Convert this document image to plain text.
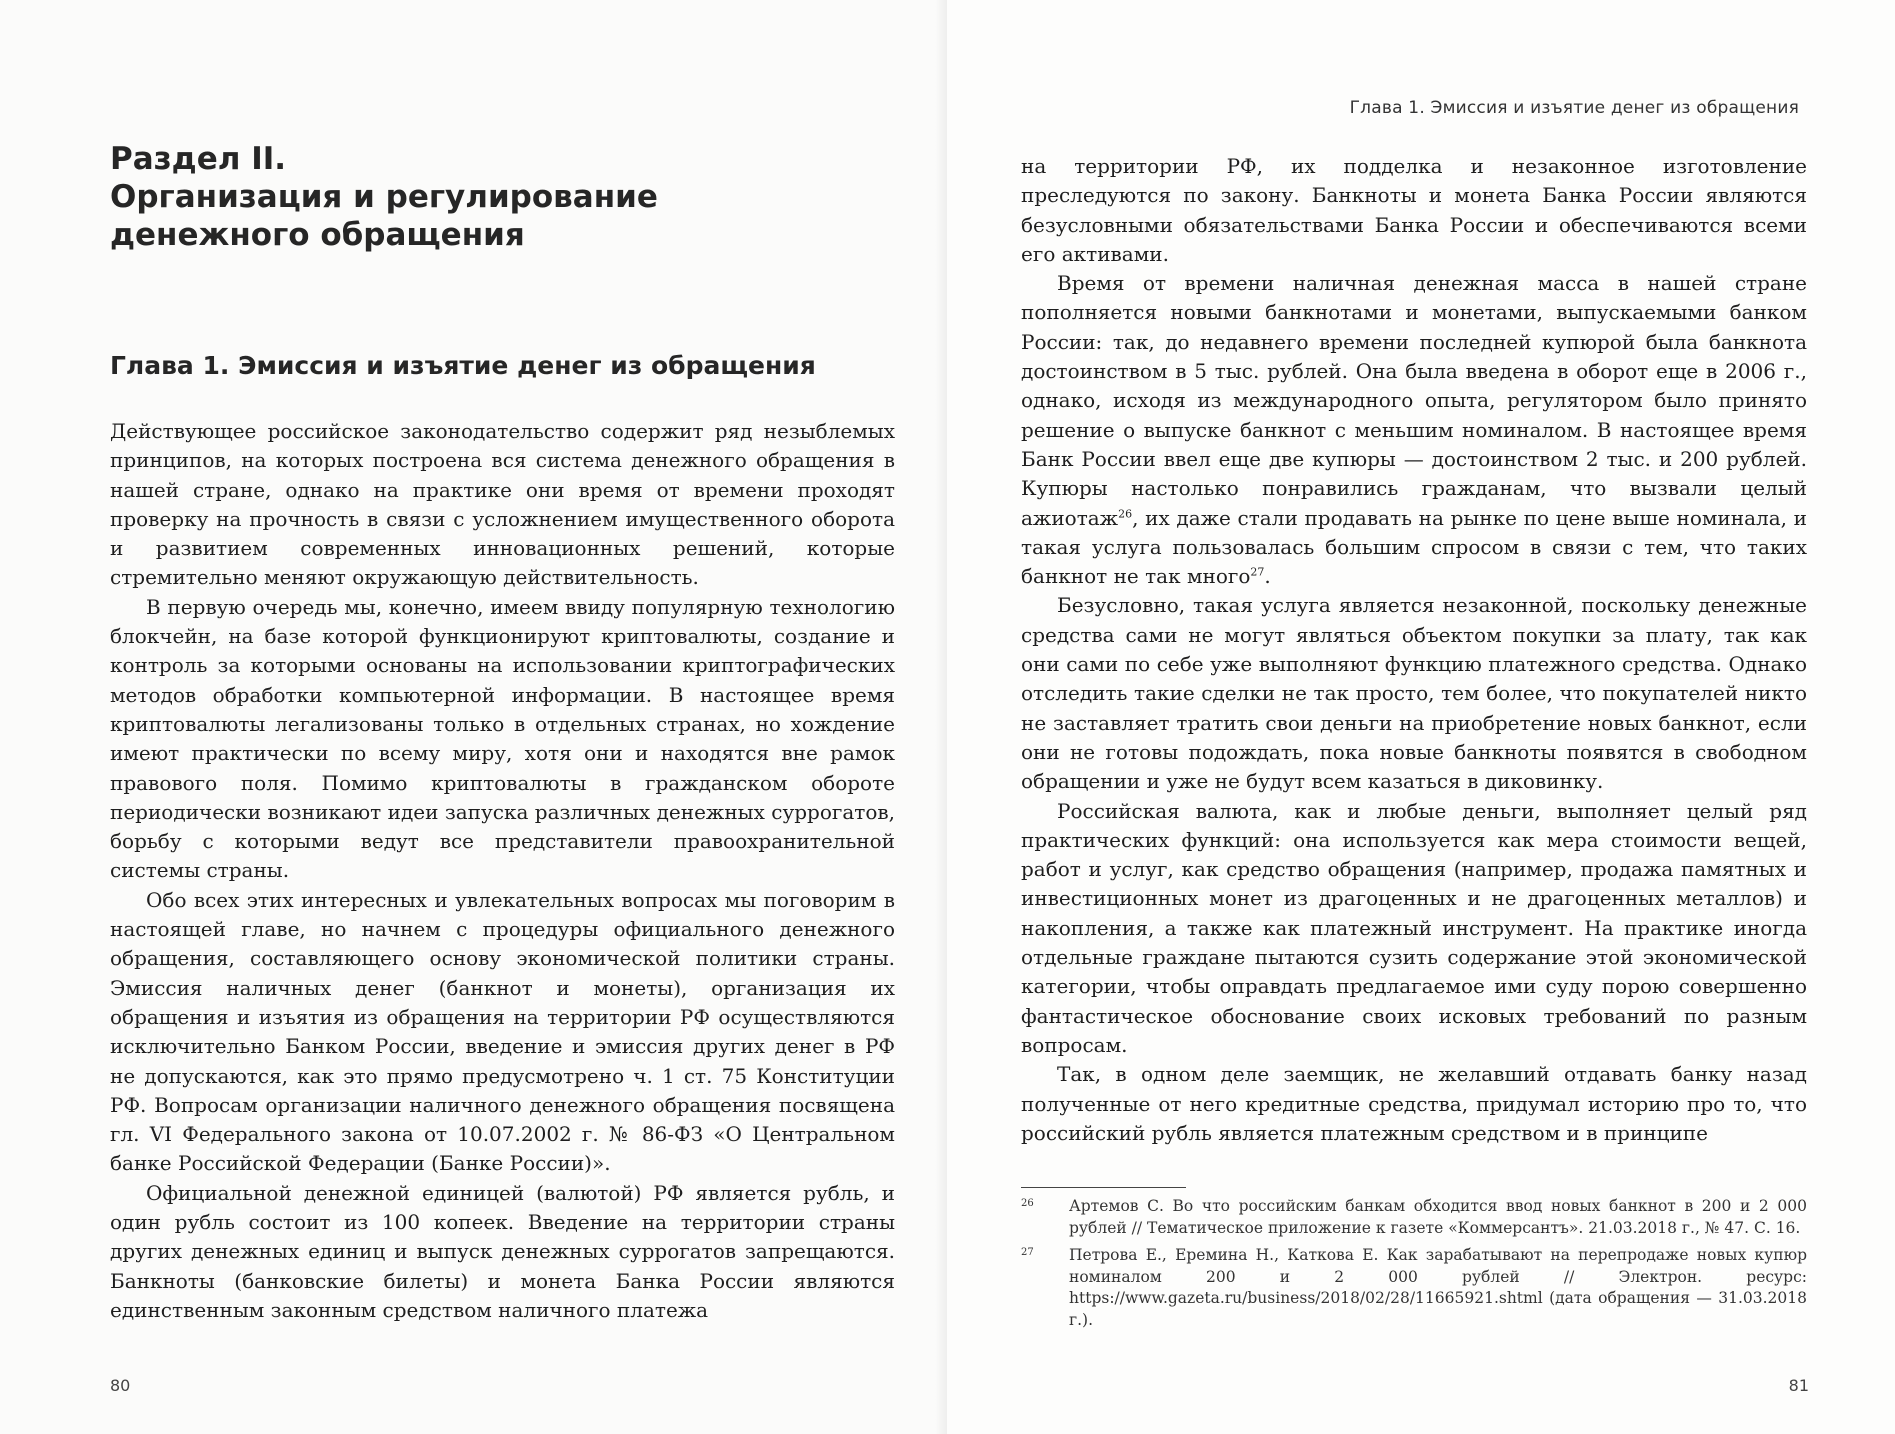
Раздел II.
Организация и регулирование денежного обращения
Глава 1. Эмиссия и изъятие денег из обращения

Действующее российское законодательство содержит ряд незыблемых принципов, на которых построена вся система денежного обращения в нашей стране, однако на практике они время от времени проходят проверку на прочность в связи с усложнением имущественного оборота и развитием современных инновационных решений, которые стремительно меняют окружающую действительность.

В первую очередь мы, конечно, имеем ввиду популярную технологию блокчейн, на базе которой функционируют криптовалюты, создание и контроль за которыми основаны на использовании криптографических методов обработки компьютерной информации. В настоящее время криптовалюты легализованы только в отдельных странах, но хождение имеют практически по всему миру, хотя они и находятся вне рамок правового поля. Помимо криптовалюты в гражданском обороте периодически возникают идеи запуска различных денежных суррогатов, борьбу с которыми ведут все представители правоохранительной системы страны.

Обо всех этих интересных и увлекательных вопросах мы поговорим в настоящей главе, но начнем с процедуры официального денежного обращения, составляющего основу экономической политики страны. Эмиссия наличных денег (банкнот и монеты), организация их обращения и изъятия из обращения на территории РФ осуществляются исключительно Банком России, введение и эмиссия других денег в РФ не допускаются, как это прямо предусмотрено ч. 1 ст. 75 Конституции РФ. Вопросам организации наличного денежного обращения посвящена гл. VI Федерального закона от 10.07.2002 г. № 86-ФЗ «О Центральном банке Российской Федерации (Банке России)».

Официальной денежной единицей (валютой) РФ является рубль, и один рубль состоит из 100 копеек. Введение на территории страны других денежных единиц и выпуск денежных суррогатов запрещаются. Банкноты (банковские билеты) и монета Банка России являются единственным законным средством наличного платежа

80
Глава 1. Эмиссия и изъятие денег из обращения

на территории РФ, их подделка и незаконное изготовление преследуются по закону. Банкноты и монета Банка России являются безусловными обязательствами Банка России и обеспечиваются всеми его активами.

Время от времени наличная денежная масса в нашей стране пополняется новыми банкнотами и монетами, выпускаемыми банком России: так, до недавнего времени последней купюрой была банкнота достоинством в 5 тыс. рублей. Она была введена в оборот еще в 2006 г., однако, исходя из международного опыта, регулятором было принято решение о выпуске банкнот с меньшим номиналом. В настоящее время Банк России ввел еще две купюры — достоинством 2 тыс. и 200 рублей. Купюры настолько понравились гражданам, что вызвали целый ажиотаж$^{26}$, их даже стали продавать на рынке по цене выше номинала, и такая услуга пользовалась большим спросом в связи с тем, что таких банкнот не так много$^{27}$.

Безусловно, такая услуга является незаконной, поскольку денежные средства сами не могут являться объектом покупки за плату, так как они сами по себе уже выполняют функцию платежного средства. Однако отследить такие сделки не так просто, тем более, что покупателей никто не заставляет тратить свои деньги на приобретение новых банкнот, если они не готовы подождать, пока новые банкноты появятся в свободном обращении и уже не будут всем казаться в диковинку.

Российская валюта, как и любые деньги, выполняет целый ряд практических функций: она используется как мера стоимости вещей, работ и услуг, как средство обращения (например, продажа памятных и инвестиционных монет из драгоценных и не драгоценных металлов) и накопления, а также как платежный инструмент. На практике иногда отдельные граждане пытаются сузить содержание этой экономической категории, чтобы оправдать предлагаемое ими суду порою совершенно фантастическое обоснование своих исковых требований по разным вопросам.

Так, в одном деле заемщик, не желавший отдавать банку назад полученные от него кредитные средства, придумал историю про то, что российский рубль является платежным средством и в принципе

26 Артемов С. Во что российским банкам обходится ввод новых банкнот в 200 и 2 000 рублей // Тематическое приложение к газете «Коммерсантъ». 21.03.2018 г., № 47. С. 16.
27 Петрова Е., Еремина Н., Каткова Е. Как зарабатывают на перепродаже новых купюр номиналом 200 и 2 000 рублей // Электрон. ресурс: https://www.gazeta.ru/business/2018/02/28/11665921.shtml (дата обращения — 31.03.2018 г.).
81
